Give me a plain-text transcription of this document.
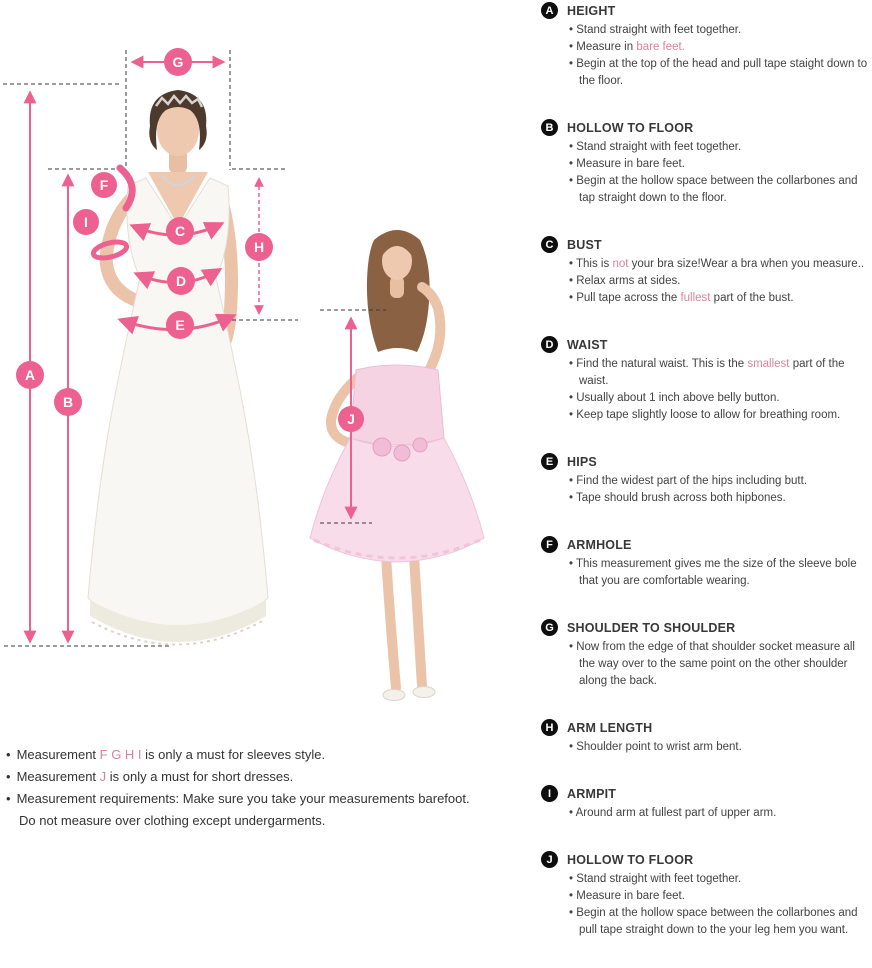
A
B
C
D
E
F
G
H
I
J
• Measurement F G H I is only a must for sleeves style.
• Measurement J is only a must for short dresses.
• Measurement requirements: Make sure you take your measurements barefoot.
Do not measure over clothing except undergarments.
A	HEIGHT
• Stand straight with feet together.
• Measure in bare feet.
• Begin at the top of the head and pull tape staight down to the floor.
B	HOLLOW TO FLOOR
• Stand straight with feet together.
• Measure in bare feet.
• Begin at the hollow space between the collarbones and tap straight down to the floor.
C	BUST
• This is not your bra size!Wear a bra when you measure..
• Relax arms at sides.
• Pull tape across the fullest part of the bust.
D	WAIST
• Find the natural waist. This is the smallest part of the waist.
• Usually about 1 inch above belly button.
• Keep tape slightly loose to allow for breathing room.
E	HIPS
• Find the widest part of the hips including butt.
• Tape should brush across both hipbones.
F	ARMHOLE
• This measurement gives me the size of the sleeve bole that you are comfortable wearing.
G	SHOULDER TO SHOULDER
• Now from the edge of that shoulder socket measure all the way over to the same point on the other shoulder along the back.
H	ARM LENGTH
• Shoulder point to wrist arm bent.
I	ARMPIT
• Around arm at fullest part of upper arm.
J	HOLLOW TO FLOOR
• Stand straight with feet together.
• Measure in bare feet.
• Begin at the hollow space between the collarbones and pull tape straight down to the your leg hem you want.
